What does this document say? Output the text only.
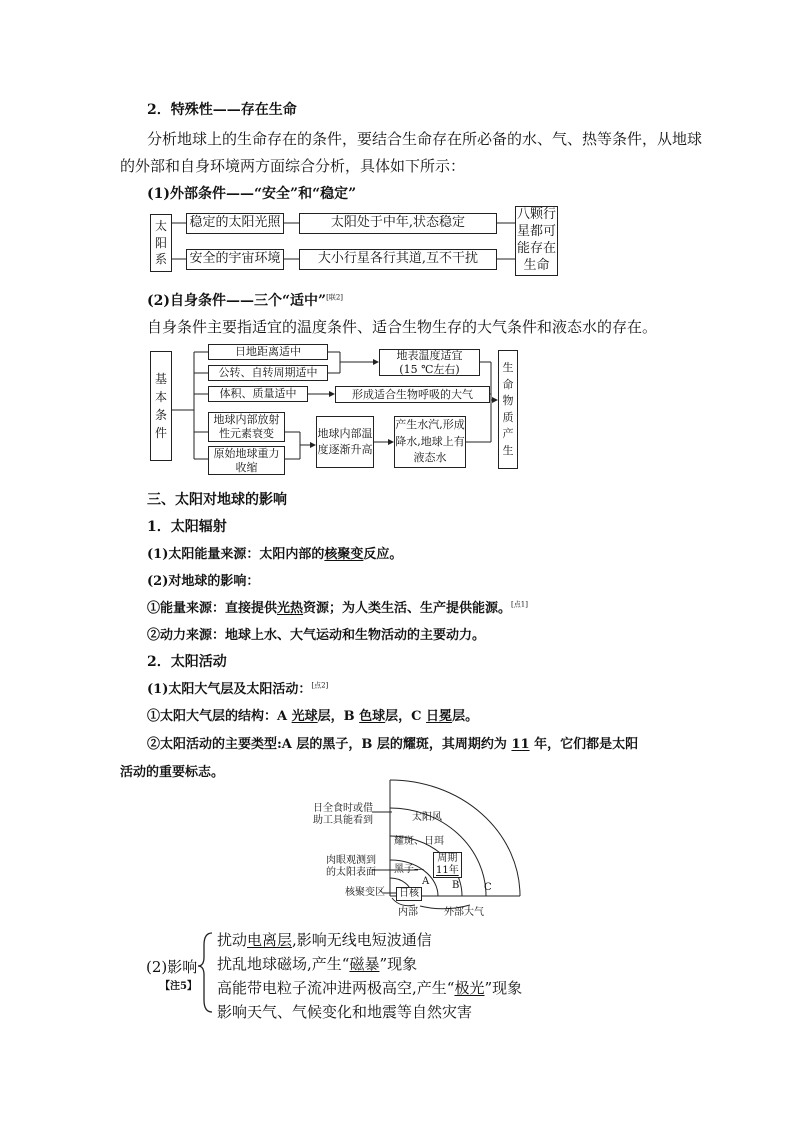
2．特殊性——存在生命
分析地球上的生命存在的条件，要结合生命存在所必备的水、气、热等条件，从地球
的外部和自身环境两方面综合分析，具体如下所示：
(1)外部条件——“安全”和“稳定”
太阳系
稳定的太阳光照
安全的宇宙环境
太阳处于中年,状态稳定
大小行星各行其道,互不干扰
八颗行星都可能存在生命
(2)自身条件——三个“适中”[联2]
自身条件主要指适宜的温度条件、适合生物生存的大气条件和液态水的存在。
基本条件
日地距离适中
公转、自转周期适中
体积、质量适中
地球内部放射性元素衰变
原始地球重力收缩
地表温度适宜
(15 ℃左右)
形成适合生物呼吸的大气
地球内部温度逐渐升高
产生水汽,形成降水,地球上有液态水
生命物质产生
三、太阳对地球的影响
1．太阳辐射
(1)太阳能量来源：太阳内部的核聚变反应。
(2)对地球的影响：
①能量来源：直接提供光热资源；为人类生活、生产提供能源。[点1]
②动力来源：地球上水、大气运动和生物活动的主要动力。
2．太阳活动
(1)太阳大气层及太阳活动：[点2]
①太阳大气层的结构：A 光球层，B 色球层，C 日冕层。
②太阳活动的主要类型:A 层的黑子，B 层的耀斑，其周期约为 11 年，它们都是太阳
活动的重要标志。
日全食时或借
助工具能看到
肉眼观测到
的太阳表面
核聚变区
太阳风
耀斑、日珥
黑子—
周期
11年
日核
A B C
内部	外部大气
(2)影响
【注5】
扰动电离层,影响无线电短波通信
扰乱地球磁场,产生“磁暴”现象
高能带电粒子流冲进两极高空,产生“极光”现象
影响天气、气候变化和地震等自然灾害
